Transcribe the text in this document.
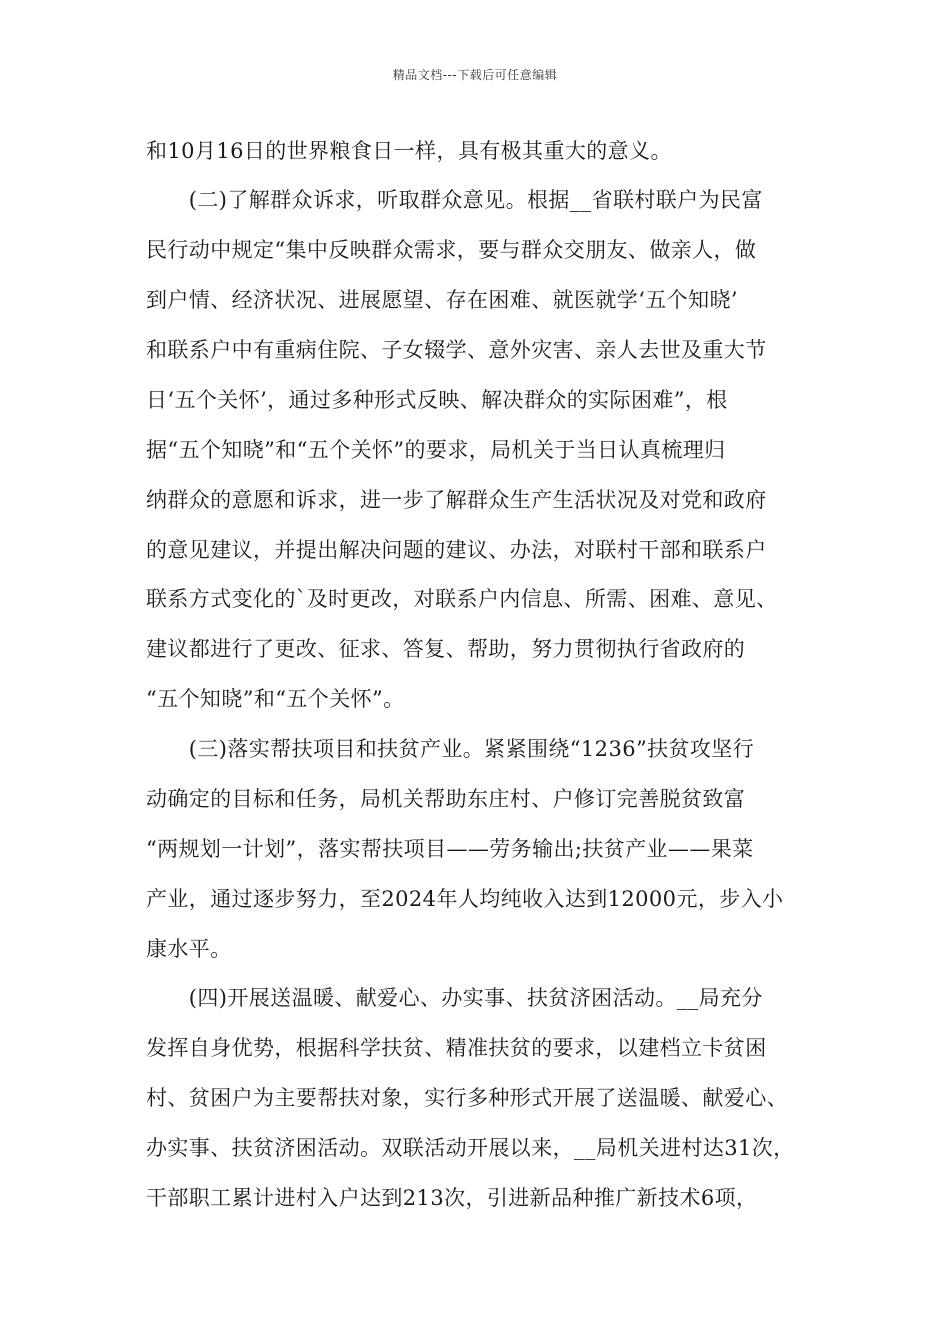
精品文档---下载后可任意编辑
和10月16日的世界粮食日一样，具有极其重大的意义。
　　(二)了解群众诉求，听取群众意见。根据__省联村联户为民富
民行动中规定“集中反映群众需求，要与群众交朋友、做亲人，做
到户情、经济状况、进展愿望、存在困难、就医就学‘五个知晓’
和联系户中有重病住院、子女辍学、意外灾害、亲人去世及重大节
日‘五个关怀’，通过多种形式反映、解决群众的实际困难”，根
据“五个知晓”和“五个关怀”的要求，局机关于当日认真梳理归
纳群众的意愿和诉求，进一步了解群众生产生活状况及对党和政府
的意见建议，并提出解决问题的建议、办法，对联村干部和联系户
联系方式变化的`及时更改，对联系户内信息、所需、困难、意见、
建议都进行了更改、征求、答复、帮助，努力贯彻执行省政府的
“五个知晓”和“五个关怀”。
　　(三)落实帮扶项目和扶贫产业。紧紧围绕“1236”扶贫攻坚行
动确定的目标和任务，局机关帮助东庄村、户修订完善脱贫致富
“两规划一计划”，落实帮扶项目——劳务输出;扶贫产业——果菜
产业，通过逐步努力，至2024年人均纯收入达到12000元，步入小
康水平。
　　(四)开展送温暖、献爱心、办实事、扶贫济困活动。__局充分
发挥自身优势，根据科学扶贫、精准扶贫的要求，以建档立卡贫困
村、贫困户为主要帮扶对象，实行多种形式开展了送温暖、献爱心、
办实事、扶贫济困活动。双联活动开展以来，__局机关进村达31次，
干部职工累计进村入户达到213次，引进新品种推广新技术6项，
